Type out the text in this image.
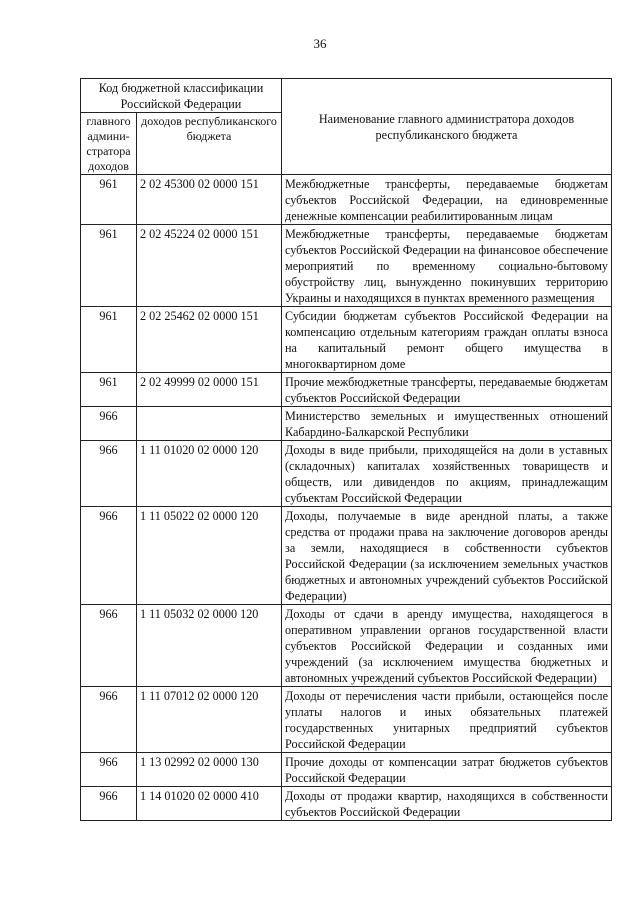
36
Код бюджетной классификации Российской Федерации		Наименование главного администратора доходов республиканского бюджета
главного админи-стратора доходов	доходов республиканского бюджета	
961	2 02 45300 02 0000 151	Межбюджетные трансферты, передаваемые бюджетам субъектов Российской Федерации, на единовременные денежные компенсации реабилитированным лицам
961	2 02 45224 02 0000 151	Межбюджетные трансферты, передаваемые бюджетам субъектов Российской Федерации на финансовое обеспечение мероприятий по временному социально-бытовому обустройству лиц, вынужденно покинувших территорию Украины и находящихся в пунктах временного размещения
961	2 02 25462 02 0000 151	Субсидии бюджетам субъектов Российской Федерации на компенсацию отдельным категориям граждан оплаты взноса на капитальный ремонт общего имущества в многоквартирном доме
961	2 02 49999 02 0000 151	Прочие межбюджетные трансферты, передаваемые бюджетам субъектов Российской Федерации
966		Министерство земельных и имущественных отношений Кабардино-Балкарской Республики
966	1 11 01020 02 0000 120	Доходы в виде прибыли, приходящейся на доли в уставных (складочных) капиталах хозяйственных товариществ и обществ, или дивидендов по акциям, принадлежащим субъектам Российской Федерации
966	1 11 05022 02 0000 120	Доходы, получаемые в виде арендной платы, а также средства от продажи права на заключение договоров аренды за земли, находящиеся в собственности субъектов Российской Федерации (за исключением земельных участков бюджетных и автономных учреждений субъектов Российской Федерации)
966	1 11 05032 02 0000 120	Доходы от сдачи в аренду имущества, находящегося в оперативном управлении органов государственной власти субъектов Российской Федерации и созданных ими учреждений (за исключением имущества бюджетных и автономных учреждений субъектов Российской Федерации)
966	1 11 07012 02 0000 120	Доходы от перечисления части прибыли, остающейся после уплаты налогов и иных обязательных платежей государственных унитарных предприятий субъектов Российской Федерации
966	1 13 02992 02 0000 130	Прочие доходы от компенсации затрат бюджетов субъектов Российской Федерации
966	1 14 01020 02 0000 410	Доходы от продажи квартир, находящихся в собственности субъектов Российской Федерации
